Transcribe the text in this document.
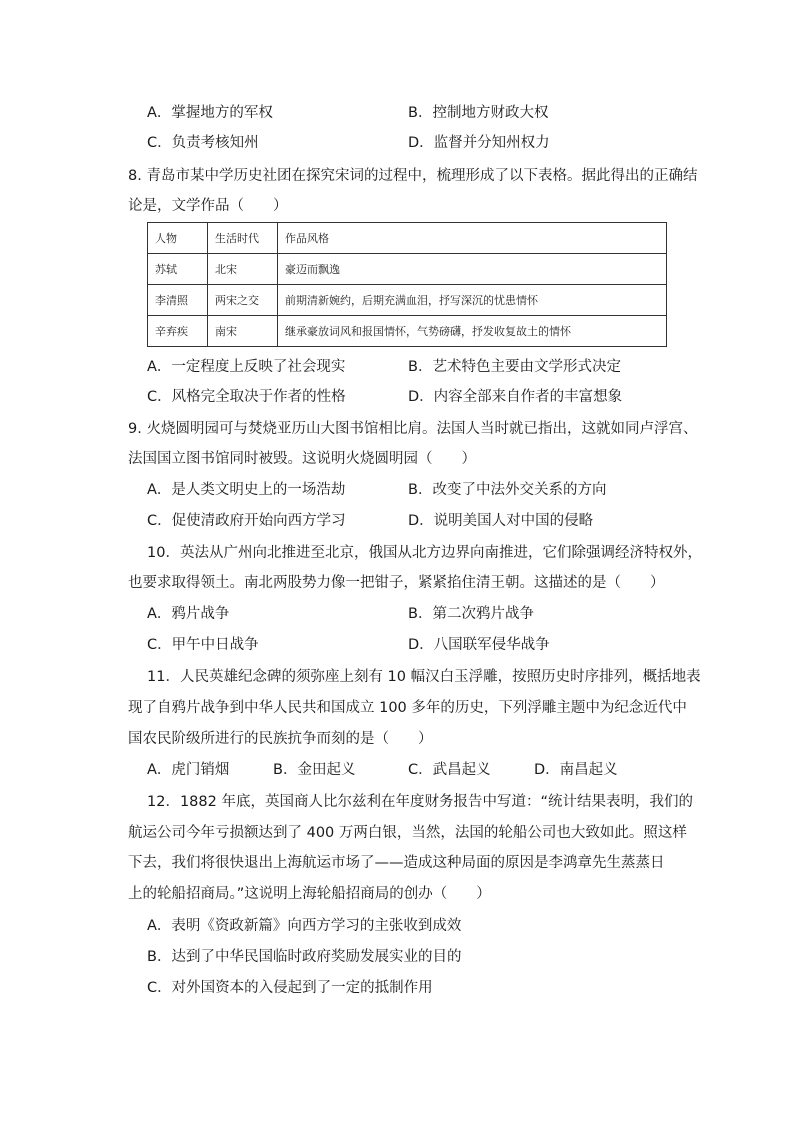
A．掌握地方的军权	B．控制地方财政大权
C．负责考核知州	D．监督并分知州权力
8. 青岛市某中学历史社团在探究宋词的过程中，梳理形成了以下表格。据此得出的正确结
论是，文学作品（　　）
人物	生活时代	作品风格
苏轼	北宋	豪迈而飘逸
李清照	两宋之交	前期清新婉约，后期充满血泪，抒写深沉的忧患情怀
辛弃疾	南宋	继承豪放词风和报国情怀，气势磅礴，抒发收复故土的情怀
A．一定程度上反映了社会现实	B．艺术特色主要由文学形式决定
C．风格完全取决于作者的性格	D．内容全部来自作者的丰富想象
9. 火烧圆明园可与焚烧亚历山大图书馆相比肩。法国人当时就已指出，这就如同卢浮宫、
法国国立图书馆同时被毁。这说明火烧圆明园（　　）
A．是人类文明史上的一场浩劫	B．改变了中法外交关系的方向
C．促使清政府开始向西方学习	D．说明美国人对中国的侵略
10．英法从广州向北推进至北京，俄国从北方边界向南推进，它们除强调经济特权外，
也要求取得领土。南北两股势力像一把钳子，紧紧掐住清王朝。这描述的是（　　）
A．鸦片战争	B．第二次鸦片战争
C．甲午中日战争	D．八国联军侵华战争
11．人民英雄纪念碑的须弥座上刻有 10 幅汉白玉浮雕，按照历史时序排列，概括地表
现了自鸦片战争到中华人民共和国成立 100 多年的历史，下列浮雕主题中为纪念近代中
国农民阶级所进行的民族抗争而刻的是（　　）
A．虎门销烟	B．金田起义	C．武昌起义	D．南昌起义
12．1882 年底，英国商人比尔兹利在年度财务报告中写道：“统计结果表明，我们的
航运公司今年亏损额达到了 400 万两白银，当然，法国的轮船公司也大致如此。照这样
下去，我们将很快退出上海航运市场了——造成这种局面的原因是李鸿章先生蒸蒸日
上的轮船招商局。”这说明上海轮船招商局的创办（　　）
A．表明《资政新篇》向西方学习的主张收到成效
B．达到了中华民国临时政府奖励发展实业的目的
C．对外国资本的入侵起到了一定的抵制作用
